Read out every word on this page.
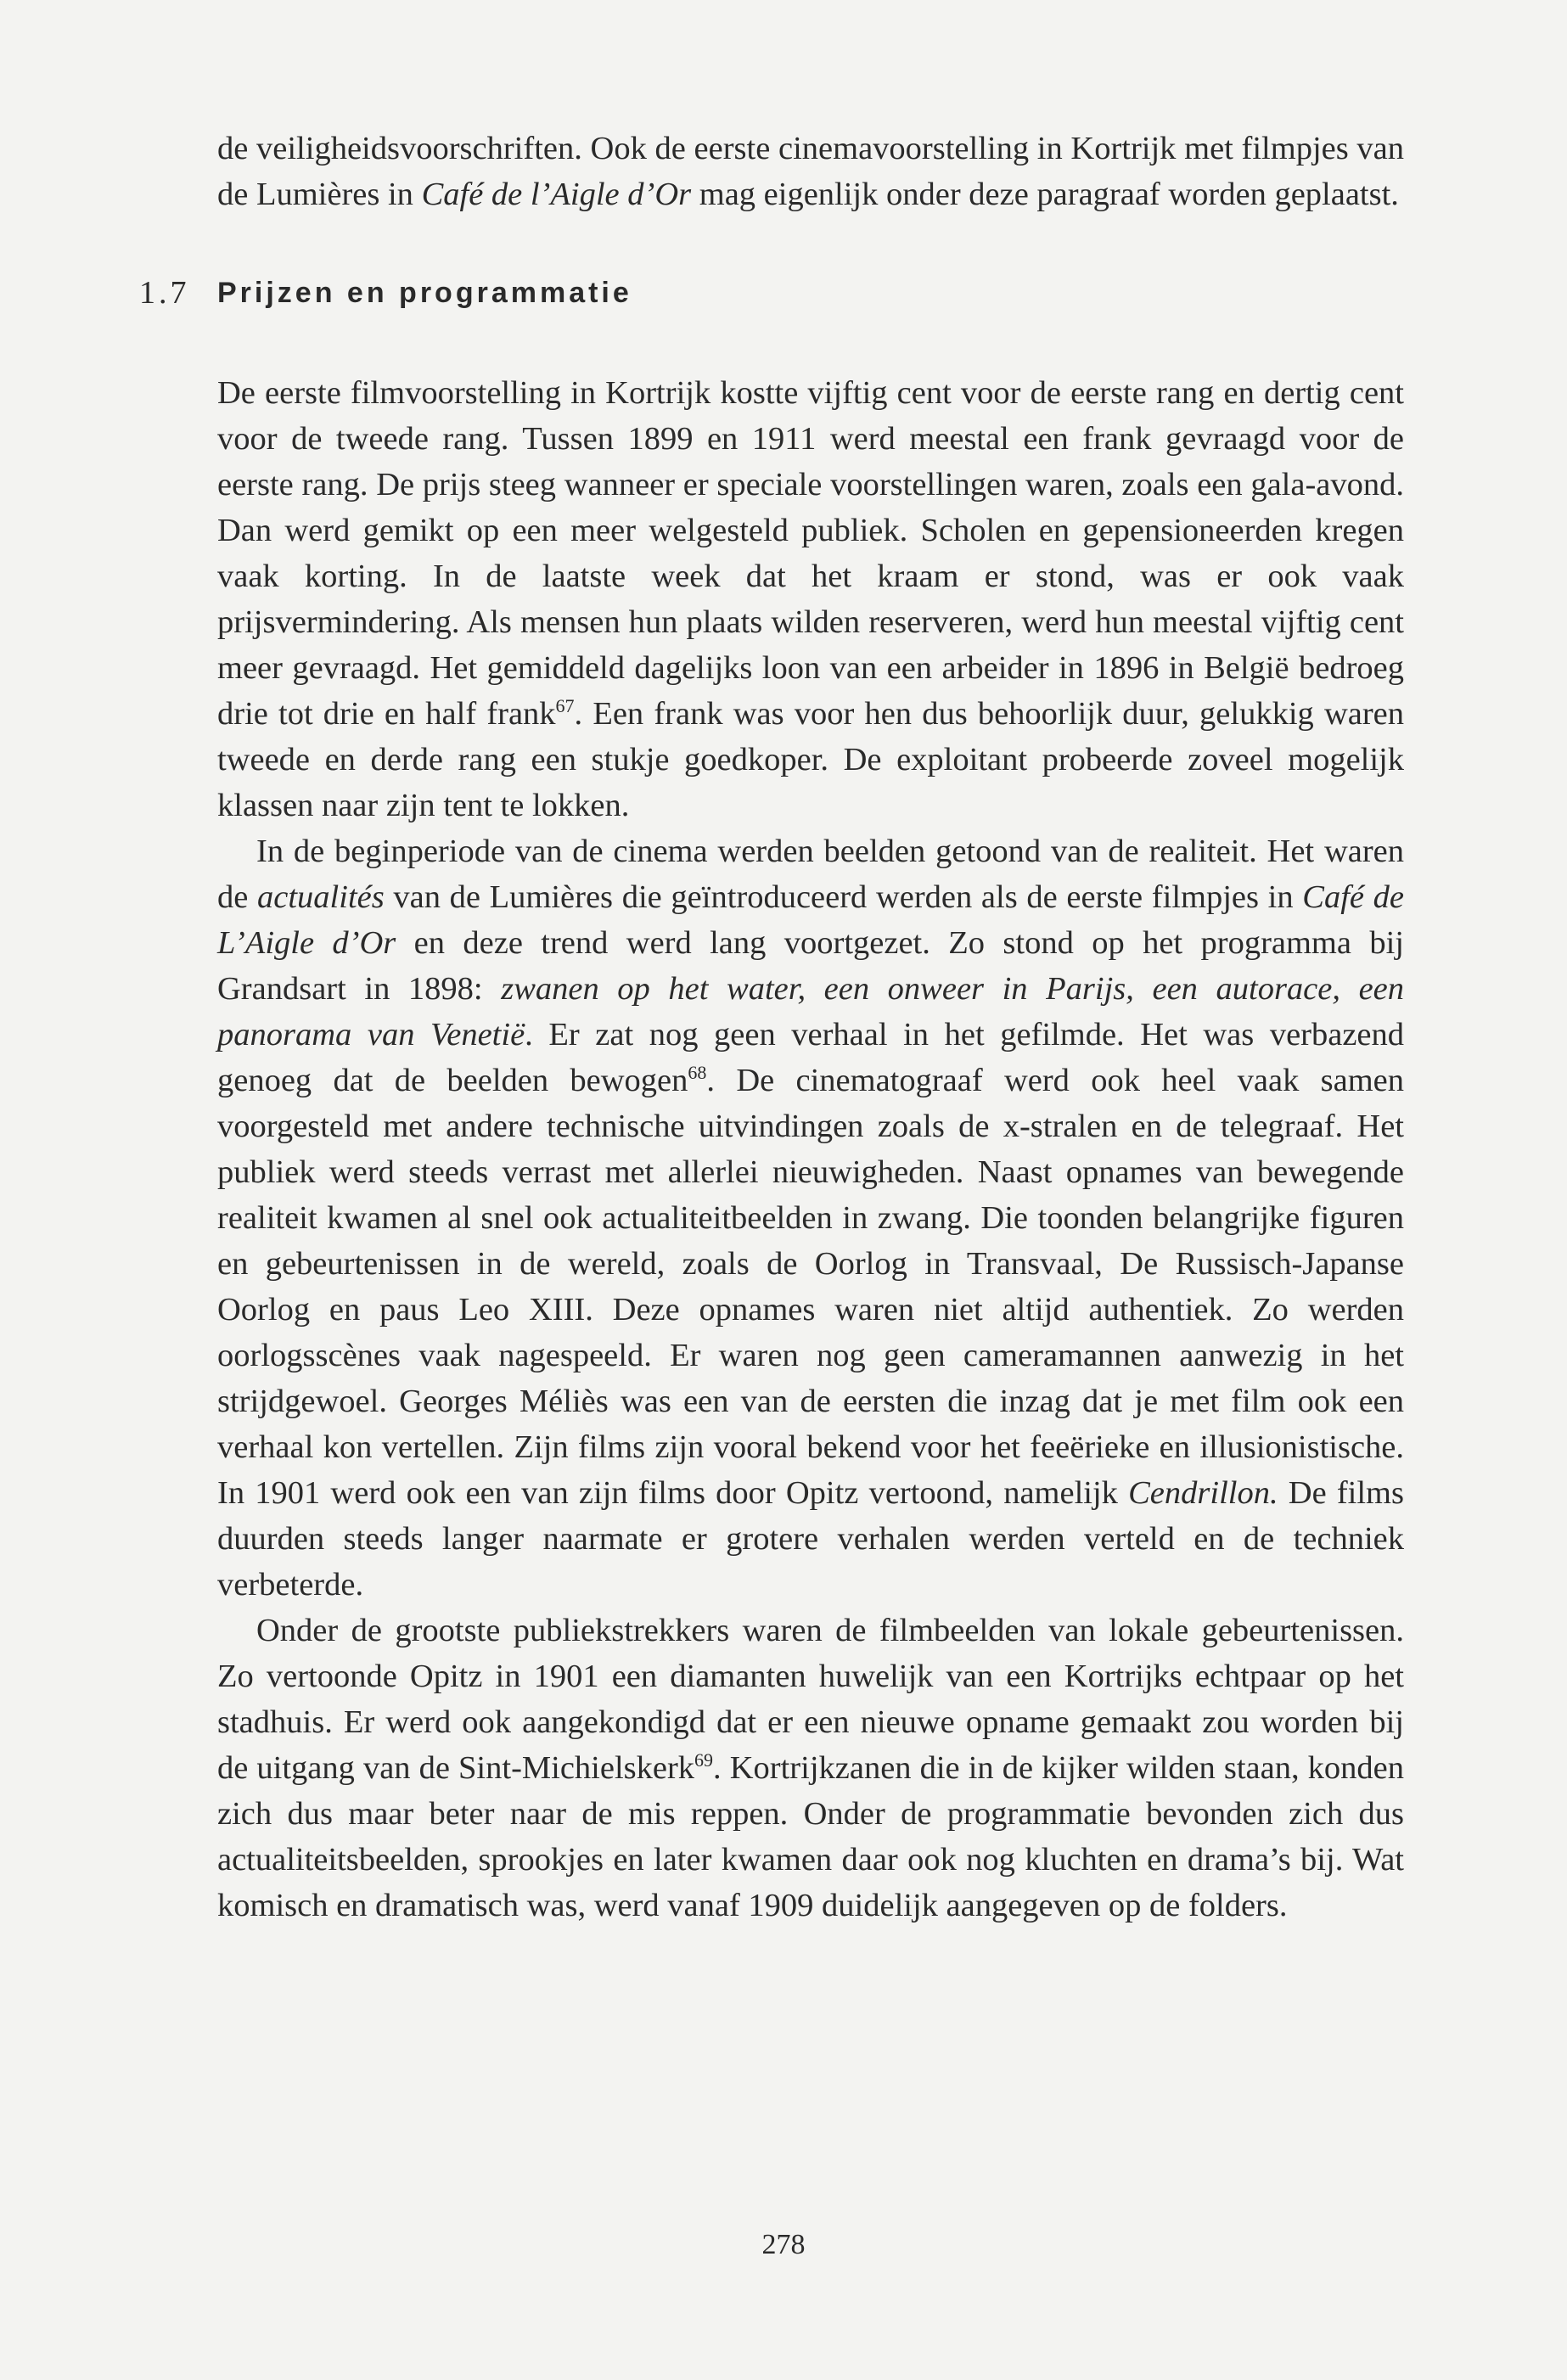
de veiligheidsvoorschriften. Ook de eerste cinemavoorstelling in Kortrijk met filmpjes van de Lumières in Café de l’Aigle d’Or mag eigenlijk onder deze paragraaf worden geplaatst.

1.7 Prijzen en programmatie

De eerste filmvoorstelling in Kortrijk kostte vijftig cent voor de eerste rang en dertig cent voor de tweede rang. Tussen 1899 en 1911 werd meestal een frank gevraagd voor de eerste rang. De prijs steeg wanneer er speciale voorstellingen waren, zoals een gala-avond. Dan werd gemikt op een meer welgesteld publiek. Scholen en gepensioneerden kregen vaak korting. In de laatste week dat het kraam er stond, was er ook vaak prijsvermindering. Als mensen hun plaats wilden reserveren, werd hun meestal vijftig cent meer gevraagd. Het gemiddeld dagelijks loon van een arbeider in 1896 in België bedroeg drie tot drie en half frank$^{67}$. Een frank was voor hen dus behoorlijk duur, gelukkig waren tweede en derde rang een stukje goedkoper. De exploitant probeerde zoveel mogelijk klassen naar zijn tent te lokken.

In de beginperiode van de cinema werden beelden getoond van de realiteit. Het waren de actualités van de Lumières die geïntroduceerd werden als de eerste filmpjes in Café de L’Aigle d’Or en deze trend werd lang voortgezet. Zo stond op het programma bij Grandsart in 1898: zwanen op het water, een onweer in Parijs, een autorace, een panorama van Venetië. Er zat nog geen verhaal in het gefilmde. Het was verbazend genoeg dat de beelden bewogen$^{68}$. De cinematograaf werd ook heel vaak samen voorgesteld met andere technische uitvindingen zoals de x-stralen en de telegraaf. Het publiek werd steeds verrast met allerlei nieuwigheden. Naast opnames van bewegende realiteit kwamen al snel ook actualiteitbeelden in zwang. Die toonden belangrijke figuren en gebeurtenissen in de wereld, zoals de Oorlog in Transvaal, De Russisch-Japanse Oorlog en paus Leo XIII. Deze opnames waren niet altijd authentiek. Zo werden oorlogsscènes vaak nagespeeld. Er waren nog geen cameramannen aanwezig in het strijdgewoel. Georges Méliès was een van de eersten die inzag dat je met film ook een verhaal kon vertellen. Zijn films zijn vooral bekend voor het feeërieke en illusionistische. In 1901 werd ook een van zijn films door Opitz vertoond, namelijk Cendrillon. De films duurden steeds langer naarmate er grotere verhalen werden verteld en de techniek verbeterde.

Onder de grootste publiekstrekkers waren de filmbeelden van lokale gebeurtenissen. Zo vertoonde Opitz in 1901 een diamanten huwelijk van een Kortrijks echtpaar op het stadhuis. Er werd ook aangekondigd dat er een nieuwe opname gemaakt zou worden bij de uitgang van de Sint-Michielskerk$^{69}$. Kortrijkzanen die in de kijker wilden staan, konden zich dus maar beter naar de mis reppen. Onder de programmatie bevonden zich dus actualiteitsbeelden, sprookjes en later kwamen daar ook nog kluchten en drama’s bij. Wat komisch en dramatisch was, werd vanaf 1909 duidelijk aangegeven op de folders.

278
